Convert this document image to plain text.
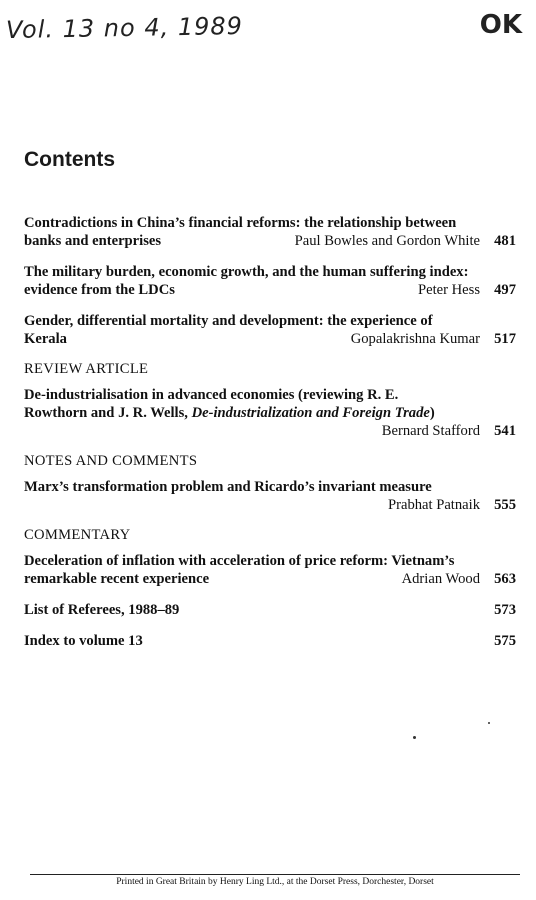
Vol. 13 no 4, 1989	OK
Contents
Contradictions in China’s financial reforms: the relationship between
banks and enterprises	Paul Bowles and Gordon White 481
The military burden, economic growth, and the human suffering index:
evidence from the LDCs	Peter Hess 497
Gender, differential mortality and development: the experience of
Kerala	Gopalakrishna Kumar 517
REVIEW ARTICLE
De-industrialisation in advanced economies (reviewing R. E.
Rowthorn and J. R. Wells, De-industrialization and Foreign Trade)
Bernard Stafford 541
NOTES AND COMMENTS
Marx’s transformation problem and Ricardo’s invariant measure
Prabhat Patnaik 555
COMMENTARY
Deceleration of inflation with acceleration of price reform: Vietnam’s
remarkable recent experience	Adrian Wood 563
List of Referees, 1988–89	573
Index to volume 13	575
Printed in Great Britain by Henry Ling Ltd., at the Dorset Press, Dorchester, Dorset
